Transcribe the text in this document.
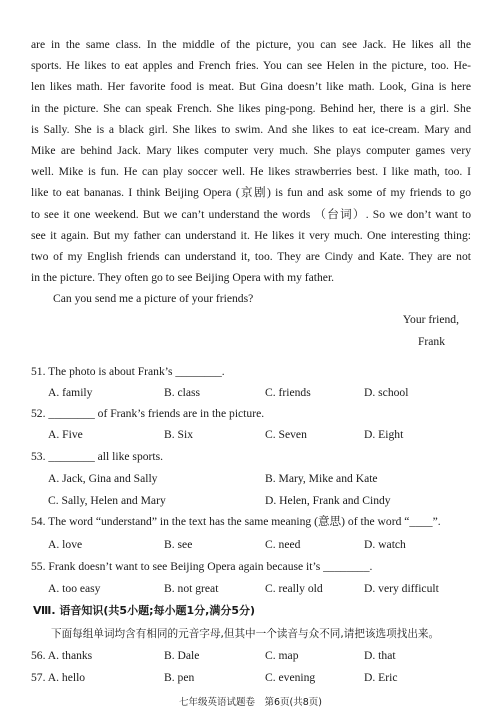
are in the same class. In the middle of the picture, you can see Jack. He likes all the
sports. He likes to eat apples and French fries. You can see Helen in the picture, too. He-
len likes math. Her favorite food is meat. But Gina doesn’t like math. Look, Gina is here
in the picture. She can speak French. She likes ping-pong. Behind her, there is a girl. She
is Sally. She is a black girl. She likes to swim. And she likes to eat ice-cream. Mary and
Mike are behind Jack. Mary likes computer very much. She plays computer games very
well. Mike is fun. He can play soccer well. He likes strawberries best. I like math, too. I
like to eat bananas. I think Beijing Opera (京剧) is fun and ask some of my friends to go
to see it one weekend. But we can’t understand the words （台词）. So we don’t want to
see it again. But my father can understand it. He likes it very much. One interesting thing:
two of my English friends can understand it, too. They are Cindy and Kate. They are not
in the picture. They often go to see Beijing Opera with my father.
Can you send me a picture of your friends?
Your friend,
Frank
51. The photo is about Frank’s ________.
A. family	B. class	C. friends	D. school
52. ________ of Frank’s friends are in the picture.
A. Five	B. Six	C. Seven	D. Eight
53. ________ all like sports.
A. Jack, Gina and Sally	B. Mary, Mike and Kate
C. Sally, Helen and Mary	D. Helen, Frank and Cindy
54. The word “understand” in the text has the same meaning (意思) of the word “____”.
A. love	B. see	C. need	D. watch
55. Frank doesn’t want to see Beijing Opera again because it’s ________.
A. too easy	B. not great	C. really old	D. very difficult
Ⅷ. 语音知识(共5小题;每小题1分,满分5分)
下面每组单词均含有相同的元音字母,但其中一个读音与众不同,请把该选项找出来。
56. A. thanks	B. Dale	C. map	D. that
57. A. hello	B. pen	C. evening	D. Eric
七年级英语试题卷　第6页(共8页)
